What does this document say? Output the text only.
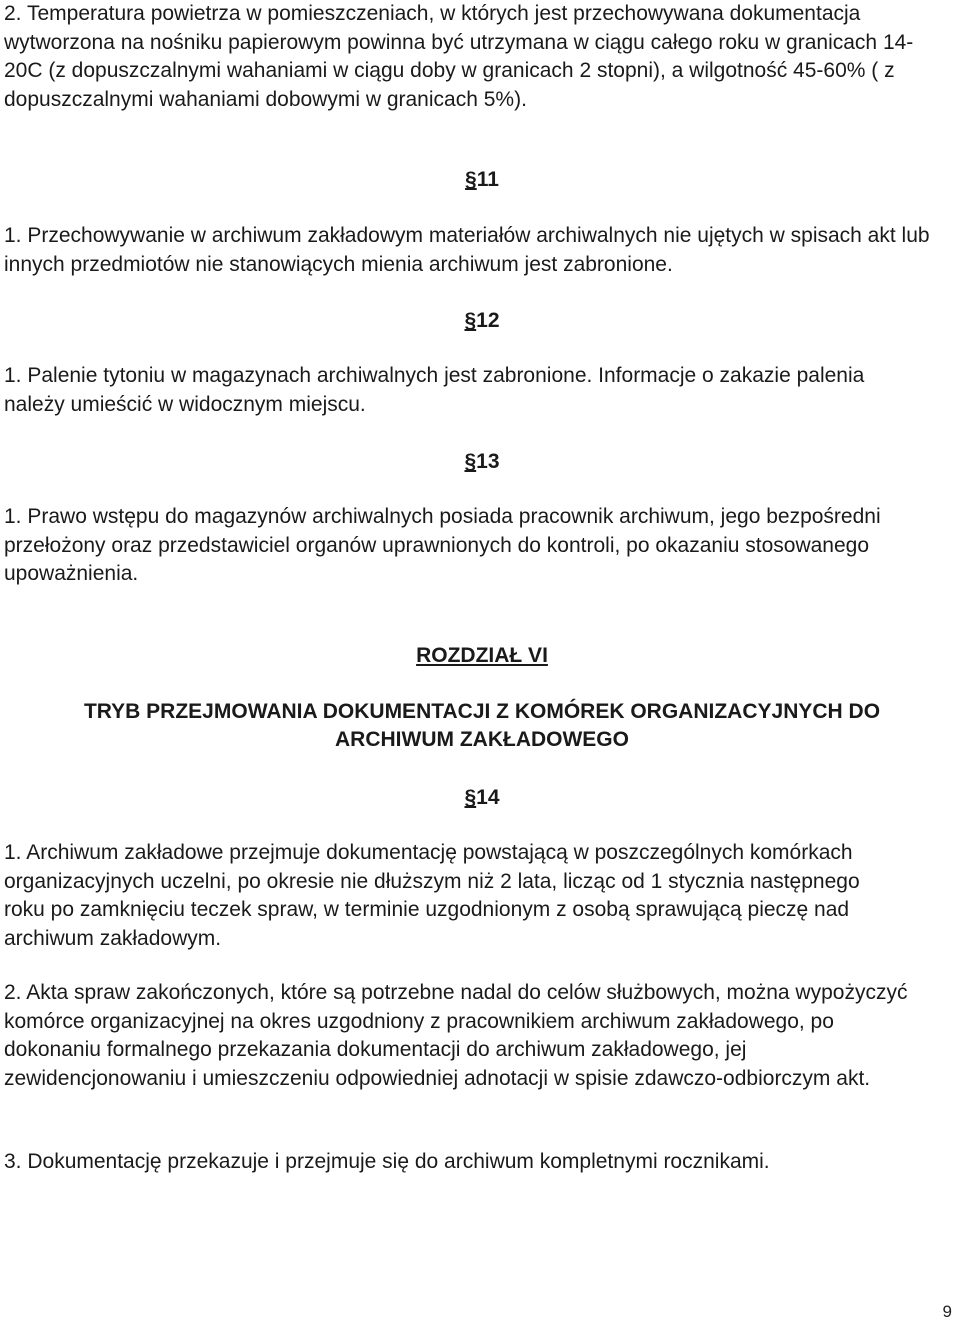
2. Temperatura powietrza w pomieszczeniach, w których jest przechowywana dokumentacja wytworzona na nośniku papierowym powinna być utrzymana w ciągu całego roku w granicach 14-20C (z dopuszczalnymi wahaniami w ciągu doby w granicach 2 stopni), a wilgotność 45-60% ( z dopuszczalnymi wahaniami dobowymi w granicach 5%).

§11

1. Przechowywanie w archiwum zakładowym materiałów archiwalnych nie ujętych w spisach akt lub innych przedmiotów nie stanowiących mienia archiwum jest zabronione.

§12

1. Palenie tytoniu w magazynach archiwalnych jest zabronione. Informacje o zakazie palenia należy umieścić w widocznym miejscu.

§13

1. Prawo wstępu do magazynów archiwalnych posiada pracownik archiwum, jego bezpośredni przełożony oraz przedstawiciel organów uprawnionych do kontroli, po okazaniu stosowanego upoważnienia.

ROZDZIAŁ VI
TRYB PRZEJMOWANIA DOKUMENTACJI Z KOMÓREK ORGANIZACYJNYCH DO
ARCHIWUM ZAKŁADOWEGO
§14

1. Archiwum zakładowe przejmuje dokumentację powstającą w poszczególnych komórkach organizacyjnych uczelni, po okresie nie dłuższym niż 2 lata, licząc od 1 stycznia następnego roku po zamknięciu teczek spraw, w terminie uzgodnionym z osobą sprawującą pieczę nad archiwum zakładowym.

2. Akta spraw zakończonych, które są potrzebne nadal do celów służbowych, można wypożyczyć komórce organizacyjnej na okres uzgodniony z pracownikiem archiwum zakładowego, po dokonaniu formalnego przekazania dokumentacji do archiwum zakładowego, jej zewidencjonowaniu i umieszczeniu odpowiedniej adnotacji w spisie zdawczo-odbiorczym akt.

3. Dokumentację przekazuje i przejmuje się do archiwum kompletnymi rocznikami.

9
